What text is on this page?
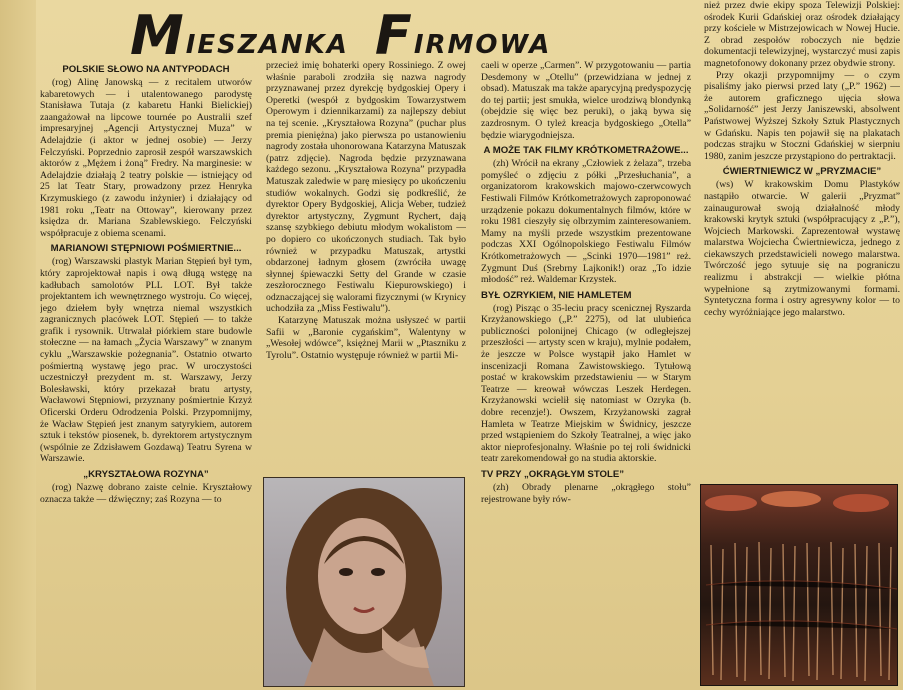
M IESZANKA F IRMOWA
POLSKIE SŁOWO NA ANTYPODACH

(rog) Alinę Janowską — z recitalem utworów kabaretowych — i utalentowanego parodystę Stanisława Tutaja (z kabaretu Hanki Bielickiej) zaangażował na lipcowe tournée po Australii szef impresaryjnej „Agencji Artystycznej Muza” w Adelajdzie (i aktor w jednej osobie) — Jerzy Felczyński. Poprzednio zaprosił zespół warszawskich aktorów z „Mężem i żoną” Fredry. Na marginesie: w Adelajdzie działają 2 teatry polskie — istniejący od 25 lat Teatr Stary, prowadzony przez Henryka Krzymuskiego (z zawodu inżynier) i działający od 1981 roku „Teatr na Ottoway”, kierowany przez księdza dr. Mariana Szablewskiego. Felczyński współpracuje z obiema scenami.

MARIANOWI STĘPNIOWI POŚMIERTNIE...

(rog) Warszawski plastyk Marian Stępień był tym, który zaprojektował napis i ową długą wstęgę na kadłubach samolotów PLL LOT. Był także projektantem ich wewnętrznego wystroju. Co więcej, jego dziełem były wnętrza niemal wszystkich zagranicznych placówek LOT. Stępień — to także grafik i rysownik. Utrwalał piórkiem stare budowle stołeczne — na łamach „Życia Warszawy” w znanym cyklu „Warszawskie pożegnania”. Ostatnio otwarto pośmiertną wystawę jego prac. W uroczystości uczestniczył prezydent m. st. Warszawy, Jerzy Bolesławski, który przekazał bratu artysty, Wacławowi Stępniowi, przyznany pośmiertnie Krzyż Oficerski Orderu Odrodzenia Polski. Przypomnijmy, że Wacław Stępień jest znanym satyrykiem, autorem sztuk i tekstów piosenek, b. dyrektorem artystycznym (wspólnie ze Zdzisławem Gozdawą) Teatru Syrena w Warszawie.

„KRYSZTAŁOWA ROZYNA”

(rog) Nazwę dobrano zaiste celnie. Kryształowy oznacza także — dźwięczny; zaś Rozyna — to

przecież imię bohaterki opery Rossiniego. Z owej właśnie paraboli zrodziła się nazwa nagrody przyznawanej przez dyrekcję bydgoskiej Opery i Operetki (wespół z bydgoskim Towarzystwem Operowym i dziennikarzami) za najlepszy debiut na tej scenie. „Kryształowa Rozyna” (puchar plus premia pieniężna) jako pierwsza po ustanowieniu nagrody została uhonorowana Katarzyna Matuszak (patrz zdjęcie). Nagroda będzie przyznawana każdego sezonu. „Kryształowa Rozyna” przypadła Matuszak zaledwie w parę miesięcy po ukończeniu studiów wokalnych. Godzi się podkreślić, że dyrektor Opery Bydgoskiej, Alicja Weber, tudzież dyrektor artystyczny, Zygmunt Rychert, dają szansę szybkiego debiutu młodym wokalistom — po dopiero co ukończonych studiach. Tak było również w przypadku Matuszak, artystki obdarzonej ładnym głosem (zwróciła uwagę słynnej śpiewaczki Setty del Grande w czasie zeszłorocznego Festiwalu Kiepurowskiego) i odznaczającej się walorami fizycznymi (w Krynicy uchodziła za „Miss Festiwalu”).

Katarzynę Matuszak można usłyszeć w partii Safii w „Baronie cygańskim”, Walentyny w „Wesołej wdówce”, księżnej Marii w „Ptaszniku z Tyrolu”. Ostatnio występuje również w partii Mi-

caeli w operze „Carmen”. W przygotowaniu — partia Desdemony w „Otellu” (przewidziana w jednej z obsad). Matuszak ma także aparycyjną predyspozycję do tej partii; jest smukła, wielce urodziwą blondynką (obejdzie się więc bez peruki), o jaką bywa się zazdrosnym. O tyleż kreacja bydgoskiego „Otella” będzie wiarygodniejsza.

A MOŻE TAK FILMY KRÓTKOMETRAŻOWE...

(zh) Wrócił na ekrany „Człowiek z żelaza”, trzeba pomyśleć o zdjęciu z półki „Przesłuchania”, a organizatorom krakowskich majowo-czerwcowych Festiwali Filmów Krótkometrażowych zaproponować urządzenie pokazu dokumentalnych filmów, które w roku 1981 cieszyły się olbrzymim zainteresowaniem. Mamy na myśli przede wszystkim prezentowane podczas XXI Ogólnopolskiego Festiwalu Filmów Krótkometrażowych — „Scinki 1970—1981” reż. Zygmunt Duś (Srebrny Lajkonik!) oraz „To idzie młodość” reż. Waldemar Krzystek.

BYŁ OZRYKIEM, NIE HAMLETEM

(rog) Pisząc o 35-leciu pracy scenicznej Ryszarda Krzyżanowskiego („P.” 2275), od lat ulubieńca publiczności polonijnej Chicago (w odległejszej przeszłości — artysty scen w kraju), mylnie podałem, że jeszcze w Polsce wystąpił jako Hamlet w inscenizacji Romana Zawistowskiego. Tytułową postać w krakowskim przedstawieniu — w Starym Teatrze — kreował wówczas Leszek Herdegen. Krzyżanowski wcielił się natomiast w Ozryka (b. dobre recenzje!). Owszem, Krzyżanowski zagrał Hamleta w Teatrze Miejskim w Świdnicy, jeszcze przed wstąpieniem do Szkoły Teatralnej, a więc jako aktor nieprofesjonalny. Właśnie po tej roli świdnicki teatr zarekomendował go na studia aktorskie.

TV PRZY „OKRĄGŁYM STOLE”

(zh) Obrady plenarne „okrągłego stołu” rejestrowane były rów-

nież przez dwie ekipy spoza Telewizji Polskiej: ośrodek Kurii Gdańskiej oraz ośrodek działający przy kościele w Mistrzejowicach w Nowej Hucie. Z obrad zespołów roboczych nie będzie dokumentacji telewizyjnej, wystarczyć musi zapis magnetofonowy dokonany przez obydwie strony.

Przy okazji przypomnijmy — o czym pisaliśmy jako pierwsi przed laty („P.” 1962) — że autorem graficznego ujęcia słowa „Solidarność” jest Jerzy Janiszewski, absolwent Państwowej Wyższej Szkoły Sztuk Plastycznych w Gdańsku. Napis ten pojawił się na plakatach podczas strajku w Stoczni Gdańskiej w sierpniu 1980, zanim jeszcze przystąpiono do pertraktacji.

ĆWIERTNIEWICZ W „PRYZMACIE”

(ws) W krakowskim Domu Plastyków nastąpiło otwarcie. W galerii „Pryzmat” zainaugurował swoją działalność młody krakowski krytyk sztuki (współpracujący z „P.”), Wojciech Markowski. Zaprezentował wystawę malarstwa Wojciecha Ćwiertniewicza, jednego z ciekawszych przedstawicieli nowego malarstwa. Twórczość jego sytuuje się na pograniczu realizmu i abstrakcji — wielkie płótna wypełnione są zrytmizowanymi formami. Syntetyczna forma i ostry agresywny kolor — to cechy wyróżniające jego malarstwo.
